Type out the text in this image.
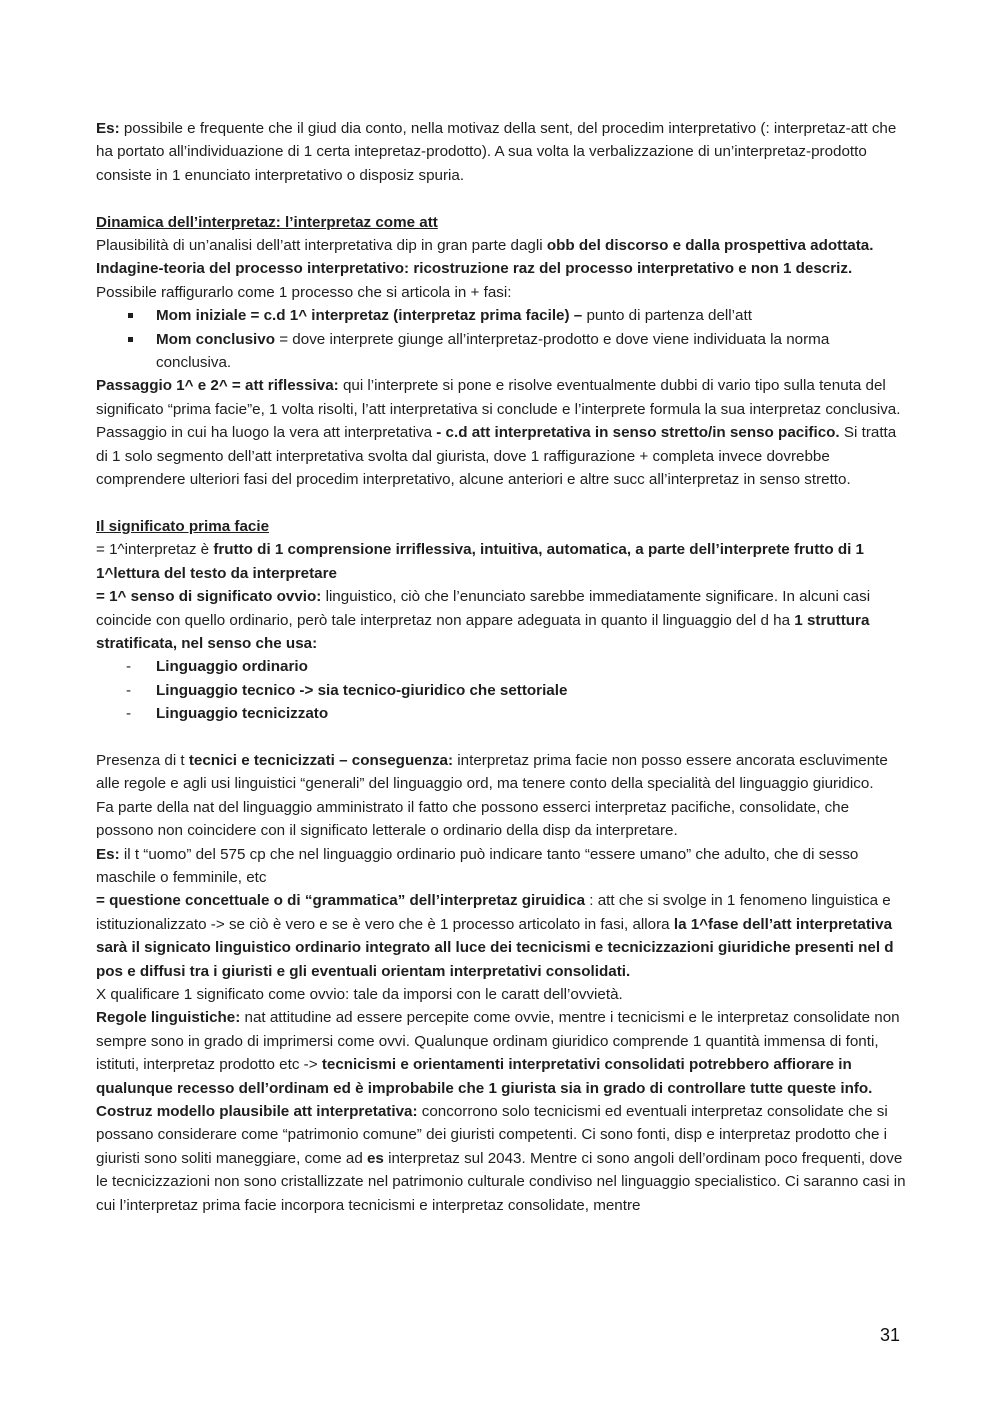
Es: possibile e frequente che il giud dia conto, nella motivaz della sent, del procedim interpretativo (: interpretaz-att che ha portato all’individuazione di 1 certa intepretaz-prodotto). A sua volta la verbalizzazione di un’interpretaz-prodotto consiste in 1 enunciato interpretativo o disposiz spuria.

Dinamica dell’interpretaz: l’interpretaz come att

Plausibilità di un’analisi dell’att interpretativa dip in gran parte dagli obb del discorso e dalla prospettiva adottata. Indagine-teoria del processo interpretativo: ricostruzione raz del processo interpretativo e non 1 descriz. Possibile raffigurarlo come 1 processo che si articola in + fasi:

Mom iniziale = c.d 1^ interpretaz (interpretaz prima facile) – punto di partenza dell’att
Mom conclusivo = dove interprete giunge all’interpretaz-prodotto e dove viene individuata la norma conclusiva.

Passaggio 1^ e 2^ = att riflessiva: qui l’interprete si pone e risolve eventualmente dubbi di vario tipo sulla tenuta del significato “prima facie”e, 1 volta risolti, l’att interpretativa si conclude e l’interprete formula la sua interpretaz conclusiva. Passaggio in cui ha luogo la vera att interpretativa - c.d att interpretativa in senso stretto/in senso pacifico. Si tratta di 1 solo segmento dell’att interpretativa svolta dal giurista, dove 1 raffigurazione + completa invece dovrebbe comprendere ulteriori fasi del procedim interpretativo, alcune anteriori e altre succ all’interpretaz in senso stretto.

Il significato prima facie

= 1^interpretaz è frutto di 1 comprensione irriflessiva, intuitiva, automatica, a parte dell’interprete frutto di 1 1^lettura del testo da interpretare

= 1^ senso di significato ovvio: linguistico, ciò che l’enunciato sarebbe immediatamente significare. In alcuni casi coincide con quello ordinario, però tale interpretaz non appare adeguata in quanto il linguaggio del d ha 1 struttura stratificata, nel senso che usa:

- Linguaggio ordinario
- Linguaggio tecnico -> sia tecnico-giuridico che settoriale
- Linguaggio tecnicizzato

Presenza di t tecnici e tecnicizzati – conseguenza: interpretaz prima facie non posso essere ancorata escluvimente alle regole e agli usi linguistici “generali” del linguaggio ord, ma tenere conto della specialità del linguaggio giuridico.

Fa parte della nat del linguaggio amministrato il fatto che possono esserci interpretaz pacifiche, consolidate, che possono non coincidere con il significato letterale o ordinario della disp da interpretare.

Es: il t “uomo” del 575 cp che nel linguaggio ordinario può indicare tanto “essere umano” che adulto, che di sesso maschile o femminile, etc

= questione concettuale o di “grammatica” dell’interpretaz giruidica : att che si svolge in 1 fenomeno linguistica e istituzionalizzato -> se ciò è vero e se è vero che è 1 processo articolato in fasi, allora la 1^fase dell’att interpretativa sarà il signicato linguistico ordinario integrato all luce dei tecnicismi e tecnicizzazioni giuridiche presenti nel d pos e diffusi tra i giuristi e gli eventuali orientam interpretativi consolidati.

X qualificare 1 significato come ovvio: tale da imporsi con le caratt dell’ovvietà.

Regole linguistiche: nat attitudine ad essere percepite come ovvie, mentre i tecnicismi e le interpretaz consolidate non sempre sono in grado di imprimersi come ovvi. Qualunque ordinam giuridico comprende 1 quantità immensa di fonti, istituti, interpretaz prodotto etc -> tecnicismi e orientamenti interpretativi consolidati potrebbero affiorare in qualunque recesso dell’ordinam ed è improbabile che 1 giurista sia in grado di controllare tutte queste info.

Costruz modello plausibile att interpretativa: concorrono solo tecnicismi ed eventuali interpretaz consolidate che si possano considerare come “patrimonio comune” dei giuristi competenti. Ci sono fonti, disp e interpretaz prodotto che i giuristi sono soliti maneggiare, come ad es interpretaz sul 2043. Mentre ci sono angoli dell’ordinam poco frequenti, dove le tecnicizzazioni non sono cristallizzate nel patrimonio culturale condiviso nel linguaggio specialistico. Ci saranno casi in cui l’interpretaz prima facie incorpora tecnicismi e interpretaz consolidate, mentre

31
